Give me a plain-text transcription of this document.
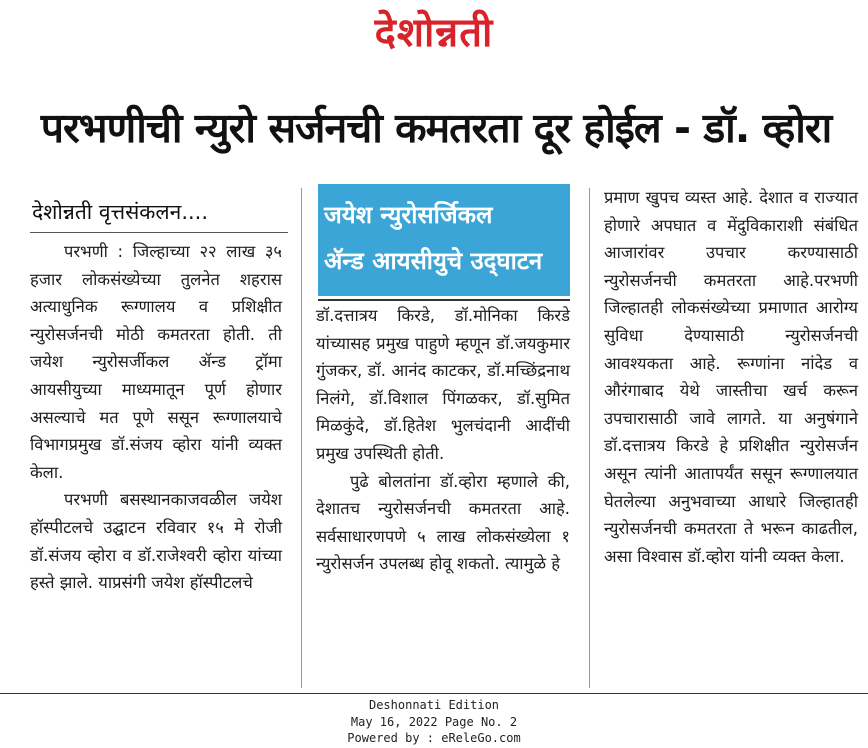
देशोन्नती
परभणीची न्युरो सर्जनची कमतरता दूर होईल - डॉ. व्होरा
देशोन्नती वृत्तसंकलन....

परभणी : जिल्हाच्या २२ लाख ३५ हजार लोकसंख्येच्या तुलनेत शहरास अत्याधुनिक रूग्णालय व प्रशिक्षीत न्युरोसर्जनची मोठी कमतरता होती. ती जयेश न्युरोसर्जीकल ॲन्ड ट्रॉमा आयसीयुच्या माध्यमातून पूर्ण होणार असल्याचे मत पूणे ससून रूग्णालयाचे विभागप्रमुख डॉ.संजय व्होरा यांनी व्यक्त केला.

परभणी बसस्थानकाजवळील जयेश हॉस्पीटलचे उद्घाटन रविवार १५ मे रोजी डॉ.संजय व्होरा व डॉ.राजेश्वरी व्होरा यांच्या हस्ते झाले. याप्रसंगी जयेश हॉस्पीटलचे

जयेश न्युरोसर्जिकल
ॲन्ड आयसीयुचे उद्‌घाटन

डॉ.दत्तात्रय किरडे, डॉ.मोनिका किरडे यांच्यासह प्रमुख पाहुणे म्हणून डॉ.जयकुमार गुंजकर, डॉ. आनंद काटकर, डॉ.मच्छिंद्रनाथ निलंगे, डॉ.विशाल पिंगळकर, डॉ.सुमित मिळकुंदे, डॉ.हितेश भुलचंदानी आदींची प्रमुख उपस्थिती होती.

पुढे बोलतांना डॉ.व्होरा म्हणाले की, देशातच न्युरोसर्जनची कमतरता आहे. सर्वसाधारणपणे ५ लाख लोकसंख्येला १ न्युरोसर्जन उपलब्ध होवू शकतो. त्यामुळे हे

प्रमाण खुपच व्यस्त आहे. देशात व राज्यात होणारे अपघात व मेंदुविकाराशी संबंधित आजारांवर उपचार करण्यासाठी न्युरोसर्जनची कमतरता आहे.परभणी जिल्हातही लोकसंख्येच्या प्रमाणात आरोग्य सुविधा देण्यासाठी न्युरोसर्जनची आवश्यकता आहे. रूग्णांना नांदेड व औरंगाबाद येथे जास्तीचा खर्च करून उपचारासाठी जावे लागते. या अनुषंगाने डॉ.दत्तात्रय किरडे हे प्रशिक्षीत न्युरोसर्जन असून त्यांनी आतापर्यंत ससून रूग्णालयात घेतलेल्या अनुभवाच्या आधारे जिल्हातही न्युरोसर्जनची कमतरता ते भरून काढतील, असा विश्वास डॉ.व्होरा यांनी व्यक्त केला.

Deshonnati Edition
May 16, 2022 Page No. 2
Powered by : eReleGo.com
